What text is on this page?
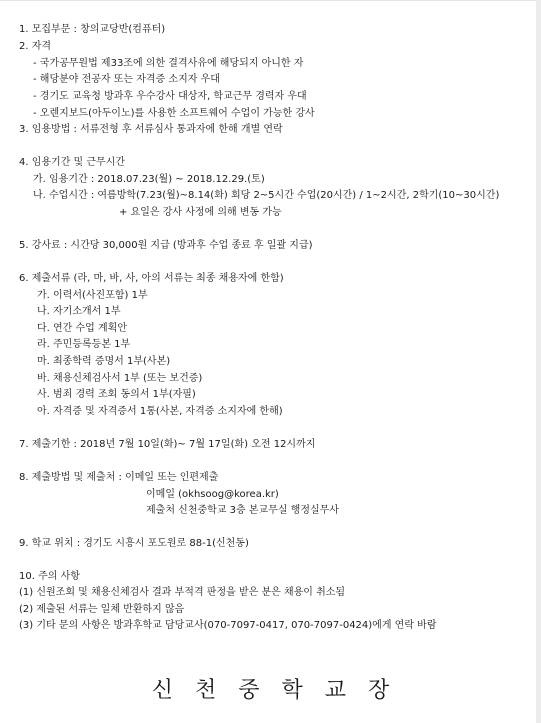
1. 모집부문 : 창의교당반(컴퓨터)
2. 자격
- 국가공무원법 제33조에 의한 결격사유에 해당되지 아니한 자
- 해당분야 전공자 또는 자격증 소지자 우대
- 경기도 교육청 방과후 우수강사 대상자, 학교근무 경력자 우대
- 오렌지보드(아두이노)를 사용한 소프트웨어 수업이 가능한 강사
3. 임용방법 : 서류전형 후 서류심사 통과자에 한해 개별 연락
4. 임용기간 및 근무시간
가. 임용기간 : 2018.07.23(월) ~ 2018.12.29.(토)
나. 수업시간 : 여름방학(7.23(월)~8.14(화) 회당 2~5시간 수업(20시간) / 1~2시간, 2학기(10~30시간)
+ 요일은 강사 사정에 의해 변동 가능
5. 강사료 : 시간당 30,000원 지급 (방과후 수업 종료 후 일괄 지급)
6. 제출서류 (라, 마, 바, 사, 아의 서류는 최종 채용자에 한함)
가. 이력서(사진포함) 1부
나. 자기소개서 1부
다. 연간 수업 계획안
라. 주민등록등본 1부
마. 최종학력 증명서 1부(사본)
바. 채용신체검사서 1부 (또는 보건증)
사. 범죄 경력 조회 동의서 1부(자필)
아. 자격증 및 자격증서 1통(사본, 자격증 소지자에 한해)
7. 제출기한 : 2018년 7월 10일(화)~ 7월 17일(화) 오전 12시까지
8. 제출방법 및 제출처 : 이메일 또는 인편제출
이메일 (okhsoog@korea.kr)
제출처 신천중학교 3층 본교무실 행정실무사
9. 학교 위치 : 경기도 시흥시 포도원로 88-1(신천동)
10. 주의 사항
(1) 신원조회 및 채용신체검사 결과 부적격 판정을 받은 분은 채용이 취소됨
(2) 제출된 서류는 일체 반환하지 않음
(3) 기타 문의 사항은 방과후학교 담당교사(070-7097-0417, 070-7097-0424)에게 연락 바람
신천중학교장
